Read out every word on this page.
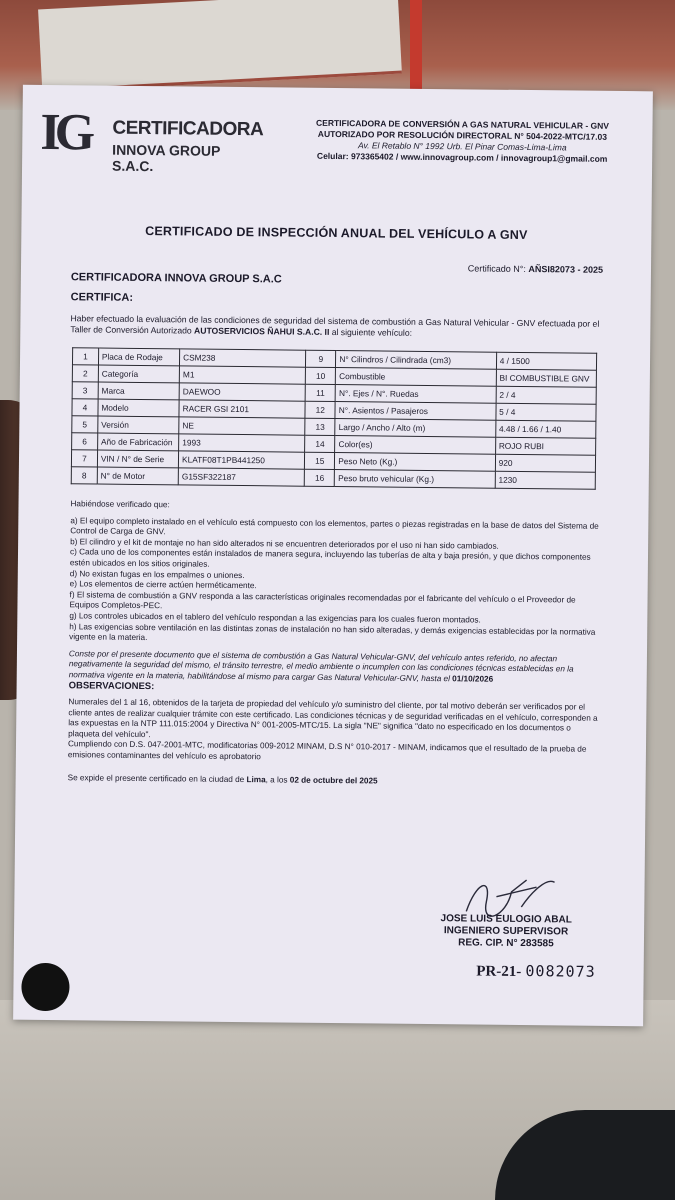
IG CERTIFICADORA
INNOVA GROUP S.A.C.
CERTIFICADORA DE CONVERSIÓN A GAS NATURAL VEHICULAR - GNV
AUTORIZADO POR RESOLUCIÓN DIRECTORAL N° 504-2022-MTC/17.03
Av. El Retablo N° 1992 Urb. El Pinar Comas-Lima-Lima
Celular: 973365402 / www.innovagroup.com / innovagroup1@gmail.com
CERTIFICADO DE INSPECCIÓN ANUAL DEL VEHÍCULO A GNV
Certificado N°: AÑSI82073 - 2025
CERTIFICADORA INNOVA GROUP S.A.C
CERTIFICA:
Haber efectuado la evaluación de las condiciones de seguridad del sistema de combustión a Gas Natural Vehicular - GNV efectuada por el Taller de Conversión Autorizado AUTOSERVICIOS ÑAHUI S.A.C. II al siguiente vehículo:
1	Placa de Rodaje	CSM238	9	N° Cilindros / Cilindrada (cm3)	4 / 1500
2	Categoría	M1	10	Combustible	BI COMBUSTIBLE GNV
3	Marca	DAEWOO	11	N°. Ejes / N°. Ruedas	2 / 4
4	Modelo	RACER GSI 2101	12	N°. Asientos / Pasajeros	5 / 4
5	Versión	NE	13	Largo / Ancho / Alto (m)	4.48 / 1.66 / 1.40
6	Año de Fabricación	1993	14	Color(es)	ROJO RUBI
7	VIN / N° de Serie	KLATF08T1PB441250	15	Peso Neto (Kg.)	920
8	N° de Motor	G15SF322187	16	Peso bruto vehicular (Kg.)	1230

Habiéndose verificado que:

a) El equipo completo instalado en el vehículo está compuesto con los elementos, partes o piezas registradas en la base de datos del Sistema de Control de Carga de GNV.

b) El cilindro y el kit de montaje no han sido alterados ni se encuentren deteriorados por el uso ni han sido cambiados.

c) Cada uno de los componentes están instalados de manera segura, incluyendo las tuberías de alta y baja presión, y que dichos componentes estén ubicados en los sitios originales.

d) No existan fugas en los empalmes o uniones.

e) Los elementos de cierre actúen herméticamente.

f) El sistema de combustión a GNV responda a las características originales recomendadas por el fabricante del vehículo o el Proveedor de Equipos Completos-PEC.

g) Los controles ubicados en el tablero del vehículo respondan a las exigencias para los cuales fueron montados.

h) Las exigencias sobre ventilación en las distintas zonas de instalación no han sido alteradas, y demás exigencias establecidas por la normativa vigente en la materia.

Conste por el presente documento que el sistema de combustión a Gas Natural Vehicular-GNV, del vehículo antes referido, no afectan negativamente la seguridad del mismo, el tránsito terrestre, el medio ambiente o incumplen con las condiciones técnicas establecidas en la normativa vigente en la materia, habilitándose al mismo para cargar Gas Natural Vehicular-GNV, hasta el 01/10/2026

OBSERVACIONES:

Numerales del 1 al 16, obtenidos de la tarjeta de propiedad del vehículo y/o suministro del cliente, por tal motivo deberán ser verificados por el cliente antes de realizar cualquier trámite con este certificado. Las condiciones técnicas y de seguridad verificadas en el vehículo, corresponden a las expuestas en la NTP 111.015:2004 y Directiva N° 001-2005-MTC/15. La sigla "NE" significa "dato no especificado en los documentos o plaqueta del vehículo".

Cumpliendo con D.S. 047-2001-MTC, modificatorias 009-2012 MINAM, D.S N° 010-2017 - MINAM, indicamos que el resultado de la prueba de emisiones contaminantes del vehículo es aprobatorio

Se expide el presente certificado en la ciudad de Lima, a los 02 de octubre del 2025

JOSE LUIS EULOGIO ABAL
INGENIERO SUPERVISOR
REG. CIP. N° 283585
PR-21- 0082073
